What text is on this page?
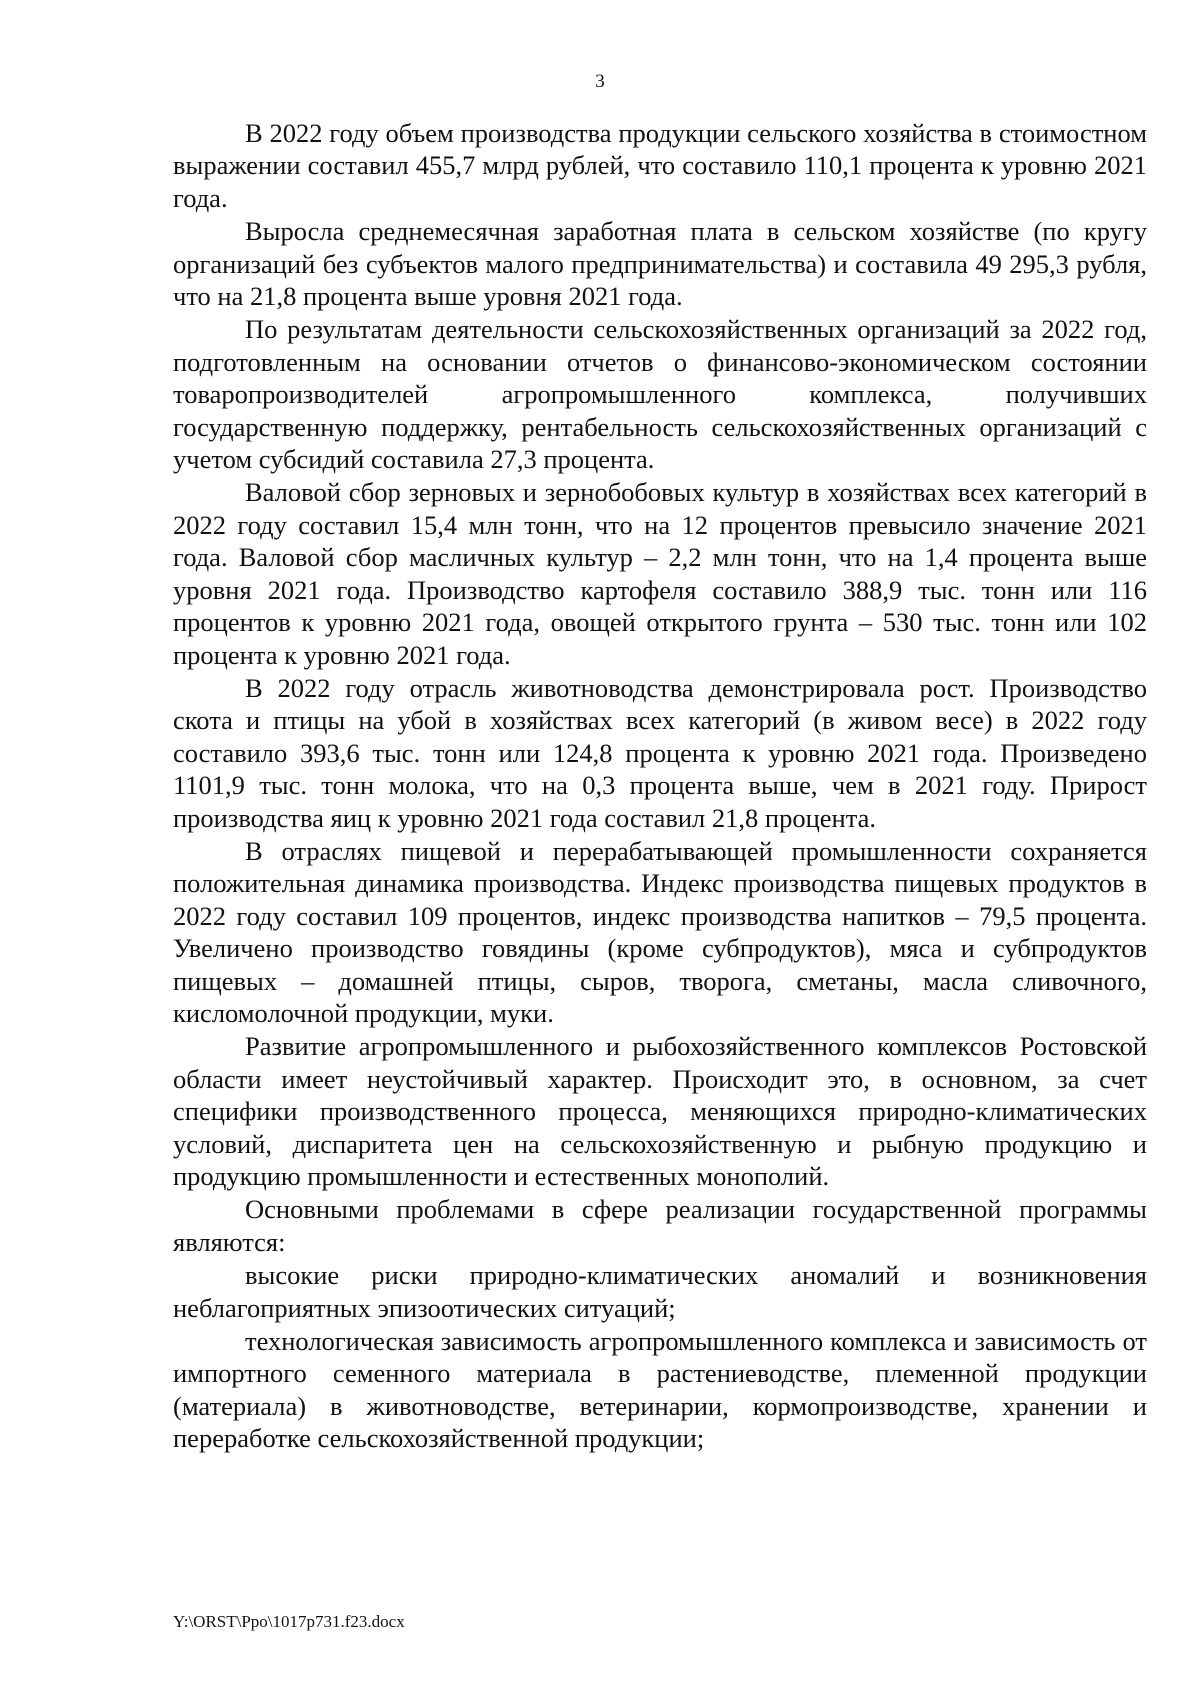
3

В 2022 году объем производства продукции сельского хозяйства в стоимостном выражении составил 455,7 млрд рублей, что составило 110,1 процента к уровню 2021 года.

Выросла среднемесячная заработная плата в сельском хозяйстве (по кругу организаций без субъектов малого предпринимательства) и составила 49 295,3 рубля, что на 21,8 процента выше уровня 2021 года.

По результатам деятельности сельскохозяйственных организаций за 2022 год, подготовленным на основании отчетов о финансово-экономическом состоянии товаропроизводителей агропромышленного комплекса, получивших государственную поддержку, рентабельность сельскохозяйственных организаций с учетом субсидий составила 27,3 процента.

Валовой сбор зерновых и зернобобовых культур в хозяйствах всех категорий в 2022 году составил 15,4 млн тонн, что на 12 процентов превысило значение 2021 года. Валовой сбор масличных культур – 2,2 млн тонн, что на 1,4 процента выше уровня 2021 года. Производство картофеля составило 388,9 тыс. тонн или 116 процентов к уровню 2021 года, овощей открытого грунта – 530 тыс. тонн или 102 процента к уровню 2021 года.

В 2022 году отрасль животноводства демонстрировала рост. Производство скота и птицы на убой в хозяйствах всех категорий (в живом весе) в 2022 году составило 393,6 тыс. тонн или 124,8 процента к уровню 2021 года. Произведено 1101,9 тыс. тонн молока, что на 0,3 процента выше, чем в 2021 году. Прирост производства яиц к уровню 2021 года составил 21,8 процента.

В отраслях пищевой и перерабатывающей промышленности сохраняется положительная динамика производства. Индекс производства пищевых продуктов в 2022 году составил 109 процентов, индекс производства напитков – 79,5 процента. Увеличено производство говядины (кроме субпродуктов), мяса и субпродуктов пищевых – домашней птицы, сыров, творога, сметаны, масла сливочного, кисломолочной продукции, муки.

Развитие агропромышленного и рыбохозяйственного комплексов Ростовской области имеет неустойчивый характер. Происходит это, в основном, за счет специфики производственного процесса, меняющихся природно-климатических условий, диспаритета цен на сельскохозяйственную и рыбную продукцию и продукцию промышленности и естественных монополий.

Основными проблемами в сфере реализации государственной программы являются:

высокие риски природно-климатических аномалий и возникновения неблагоприятных эпизоотических ситуаций;

технологическая зависимость агропромышленного комплекса и зависимость от импортного семенного материала в растениеводстве, племенной продукции (материала) в животноводстве, ветеринарии, кормопроизводстве, хранении и переработке сельскохозяйственной продукции;

Y:\ORST\Ppo\1017p731.f23.docx
